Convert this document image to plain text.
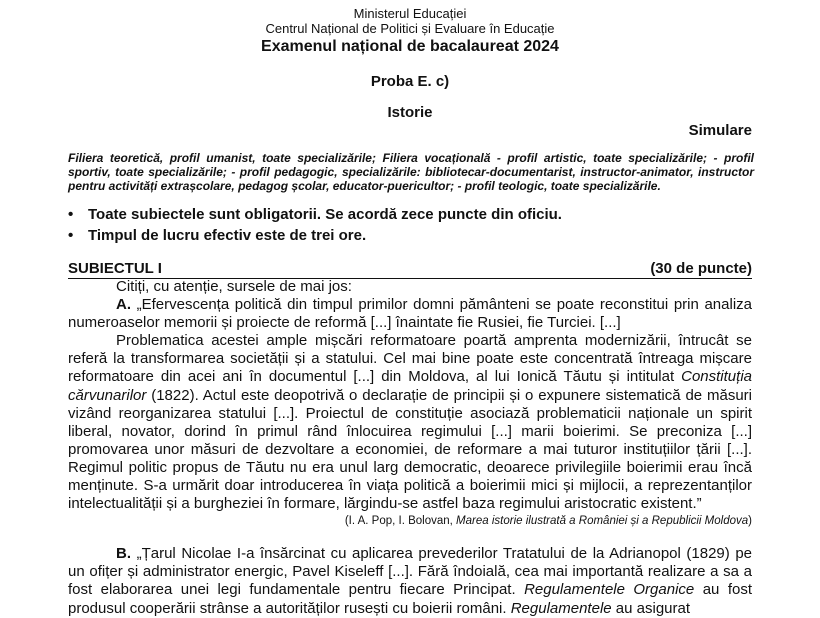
Ministerul Educației
Centrul Național de Politici și Evaluare în Educație
Examenul național de bacalaureat 2024
Proba E. c)
Istorie
Simulare
Filiera teoretică, profil umanist, toate specializările; Filiera vocațională - profil artistic, toate specializările; - profil sportiv, toate specializările; - profil pedagogic, specializările: bibliotecar-documentarist, instructor-animator, instructor pentru activități extrașcolare, pedagog școlar, educator-puericultor; - profil teologic, toate specializările.
• Toate subiectele sunt obligatorii. Se acordă zece puncte din oficiu.
• Timpul de lucru efectiv este de trei ore.
SUBIECTUL I	(30 de puncte)

Citiți, cu atenție, sursele de mai jos:

A. „Efervescența politică din timpul primilor domni pământeni se poate reconstitui prin analiza numeroaselor memorii și proiecte de reformă [...] înaintate fie Rusiei, fie Turciei. [...]

Problematica acestei ample mișcări reformatoare poartă amprenta modernizării, întrucât se referă la transformarea societății și a statului. Cel mai bine poate este concentrată întreaga mișcare reformatoare din acei ani în documentul [...] din Moldova, al lui Ionică Tăutu și intitulat Constituția cărvunarilor (1822). Actul este deopotrivă o declarație de principii și o expunere sistematică de măsuri vizând reorganizarea statului [...]. Proiectul de constituție asociază problematicii naționale un spirit liberal, novator, dorind în primul rând înlocuirea regimului [...] marii boierimi. Se preconiza [...] promovarea unor măsuri de dezvoltare a economiei, de reformare a mai tuturor instituțiilor țării [...]. Regimul politic propus de Tăutu nu era unul larg democratic, deoarece privilegiile boierimii erau încă menținute. S-a urmărit doar introducerea în viața politică a boierimii mici și mijlocii, a reprezentanților intelectualității și a burgheziei în formare, lărgindu-se astfel baza regimului aristocratic existent.”

(I. A. Pop, I. Bolovan, Marea istorie ilustrată a României și a Republicii Moldova)

B. „Țarul Nicolae I-a însărcinat cu aplicarea prevederilor Tratatului de la Adrianopol (1829) pe un ofițer și administrator energic, Pavel Kiseleff [...]. Fără îndoială, cea mai importantă realizare a sa a fost elaborarea unei legi fundamentale pentru fiecare Principat. Regulamentele Organice au fost produsul cooperării strânse a autorităților rusești cu boierii români. Regulamentele au asigurat
